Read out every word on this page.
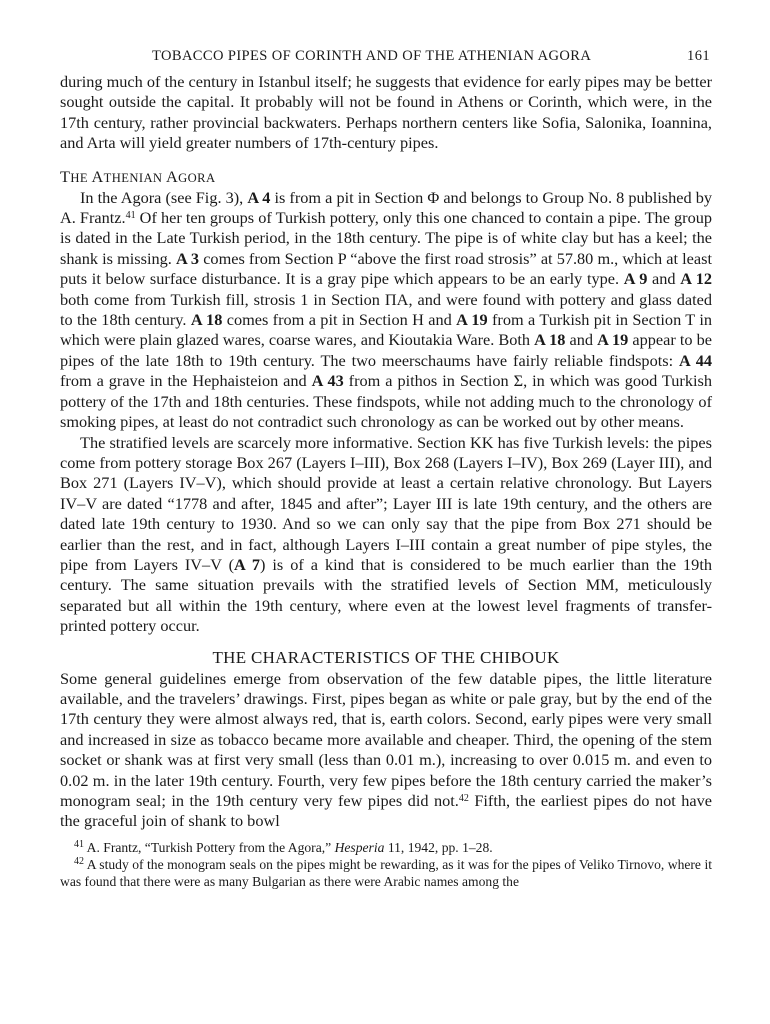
TOBACCO PIPES OF CORINTH AND OF THE ATHENIAN AGORA	161

during much of the century in Istanbul itself; he suggests that evidence for early pipes may be better sought outside the capital. It probably will not be found in Athens or Corinth, which were, in the 17th century, rather provincial backwaters. Perhaps northern centers like Sofia, Salonika, Ioannina, and Arta will yield greater numbers of 17th-century pipes.

THE ATHENIAN AGORA

In the Agora (see Fig. 3), A 4 is from a pit in Section Φ and belongs to Group No. 8 published by A. Frantz.$^{41}$ Of her ten groups of Turkish pottery, only this one chanced to contain a pipe. The group is dated in the Late Turkish period, in the 18th century. The pipe is of white clay but has a keel; the shank is missing. A 3 comes from Section P “above the first road strosis” at 57.80 m., which at least puts it below surface disturbance. It is a gray pipe which appears to be an early type. A 9 and A 12 both come from Turkish fill, strosis 1 in Section ΠΑ, and were found with pottery and glass dated to the 18th century. A 18 comes from a pit in Section H and A 19 from a Turkish pit in Section T in which were plain glazed wares, coarse wares, and Kioutakia Ware. Both A 18 and A 19 appear to be pipes of the late 18th to 19th century. The two meerschaums have fairly reliable findspots: A 44 from a grave in the Hephaisteion and A 43 from a pithos in Section Σ, in which was good Turkish pottery of the 17th and 18th centuries. These findspots, while not adding much to the chronology of smoking pipes, at least do not contradict such chronology as can be worked out by other means.

The stratified levels are scarcely more informative. Section KK has five Turkish levels: the pipes come from pottery storage Box 267 (Layers I–III), Box 268 (Layers I–IV), Box 269 (Layer III), and Box 271 (Layers IV–V), which should provide at least a certain relative chronology. But Layers IV–V are dated “1778 and after, 1845 and after”; Layer III is late 19th century, and the others are dated late 19th century to 1930. And so we can only say that the pipe from Box 271 should be earlier than the rest, and in fact, although Layers I–III contain a great number of pipe styles, the pipe from Layers IV–V (A 7) is of a kind that is considered to be much earlier than the 19th century. The same situation prevails with the stratified levels of Section MM, meticulously separated but all within the 19th century, where even at the lowest level fragments of transfer-printed pottery occur.

THE CHARACTERISTICS OF THE CHIBOUK

Some general guidelines emerge from observation of the few datable pipes, the little literature available, and the travelers’ drawings. First, pipes began as white or pale gray, but by the end of the 17th century they were almost always red, that is, earth colors. Second, early pipes were very small and increased in size as tobacco became more available and cheaper. Third, the opening of the stem socket or shank was at first very small (less than 0.01 m.), increasing to over 0.015 m. and even to 0.02 m. in the later 19th century. Fourth, very few pipes before the 18th century carried the maker’s monogram seal; in the 19th century very few pipes did not.$^{42}$ Fifth, the earliest pipes do not have the graceful join of shank to bowl

$^{41}$ A. Frantz, “Turkish Pottery from the Agora,” Hesperia 11, 1942, pp. 1–28.

$^{42}$ A study of the monogram seals on the pipes might be rewarding, as it was for the pipes of Veliko Tirnovo, where it was found that there were as many Bulgarian as there were Arabic names among the
